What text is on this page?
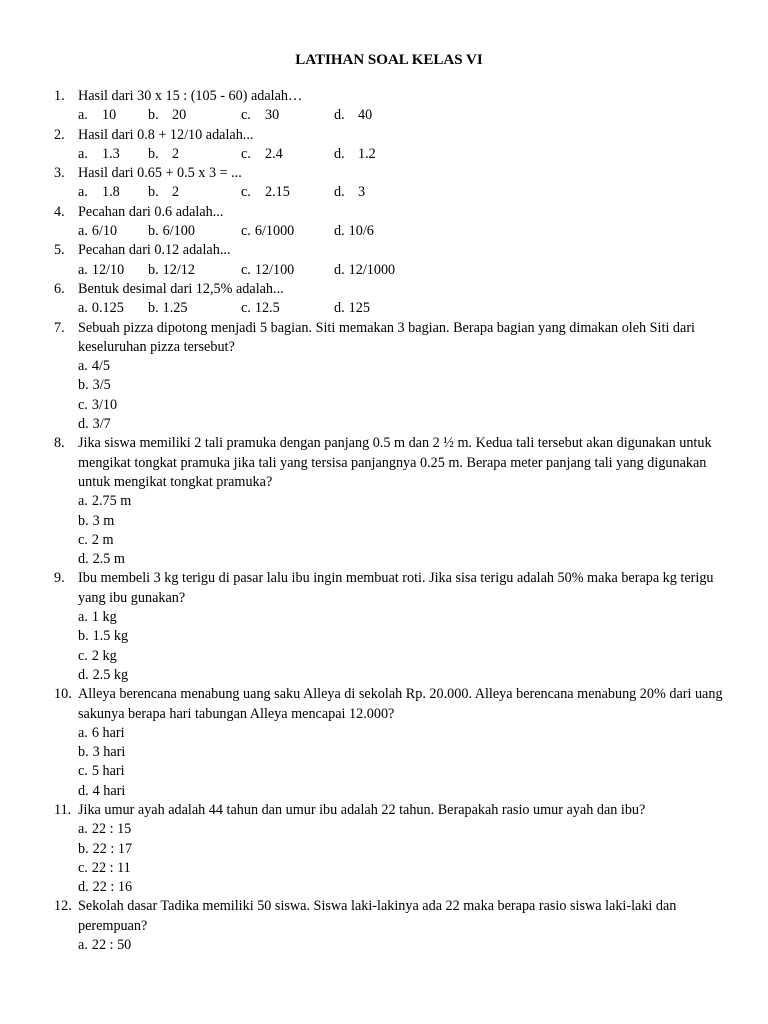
LATIHAN SOAL KELAS VI
1. Hasil dari 30 x 15 : (105 - 60) adalah…
a. 10 b. 20	c. 30	d. 40
2. Hasil dari 0.8 + 12/10 adalah...
a. 1.3 b. 2	c. 2.4	d. 1.2
3. Hasil dari 0.65 + 0.5 x 3 = ...
a. 1.8 b. 2	c. 2.15	d. 3
4. Pecahan dari 0.6 adalah...
a. 6/10 b. 6/100	c. 6/1000	d. 10/6
5. Pecahan dari 0.12 adalah...
a. 12/10 b. 12/12	c. 12/100	d. 12/1000
6. Bentuk desimal dari 12,5% adalah...
a. 0.125 b. 1.25	c. 12.5	d. 125
7. Sebuah pizza dipotong menjadi 5 bagian. Siti memakan 3 bagian. Berapa bagian yang dimakan oleh Siti dari keseluruhan pizza tersebut?
a. 4/5
b. 3/5
c. 3/10
d. 3/7
8. Jika siswa memiliki 2 tali pramuka dengan panjang 0.5 m dan 2 ½ m. Kedua tali tersebut akan digunakan untuk mengikat tongkat pramuka jika tali yang tersisa panjangnya 0.25 m. Berapa meter panjang tali yang digunakan untuk mengikat tongkat pramuka?
a. 2.75 m
b. 3 m
c. 2 m
d. 2.5 m
9. Ibu membeli 3 kg terigu di pasar lalu ibu ingin membuat roti. Jika sisa terigu adalah 50% maka berapa kg terigu yang ibu gunakan?
a. 1 kg
b. 1.5 kg
c. 2 kg
d. 2.5 kg
10. Alleya berencana menabung uang saku Alleya di sekolah Rp. 20.000. Alleya berencana menabung 20% dari uang sakunya berapa hari tabungan Alleya mencapai 12.000?
a. 6 hari
b. 3 hari
c. 5 hari
d. 4 hari
11. Jika umur ayah adalah 44 tahun dan umur ibu adalah 22 tahun. Berapakah rasio umur ayah dan ibu?
a. 22 : 15
b. 22 : 17
c. 22 : 11
d. 22 : 16
12. Sekolah dasar Tadika memiliki 50 siswa. Siswa laki-lakinya ada 22 maka berapa rasio siswa laki-laki dan perempuan?
a. 22 : 50
